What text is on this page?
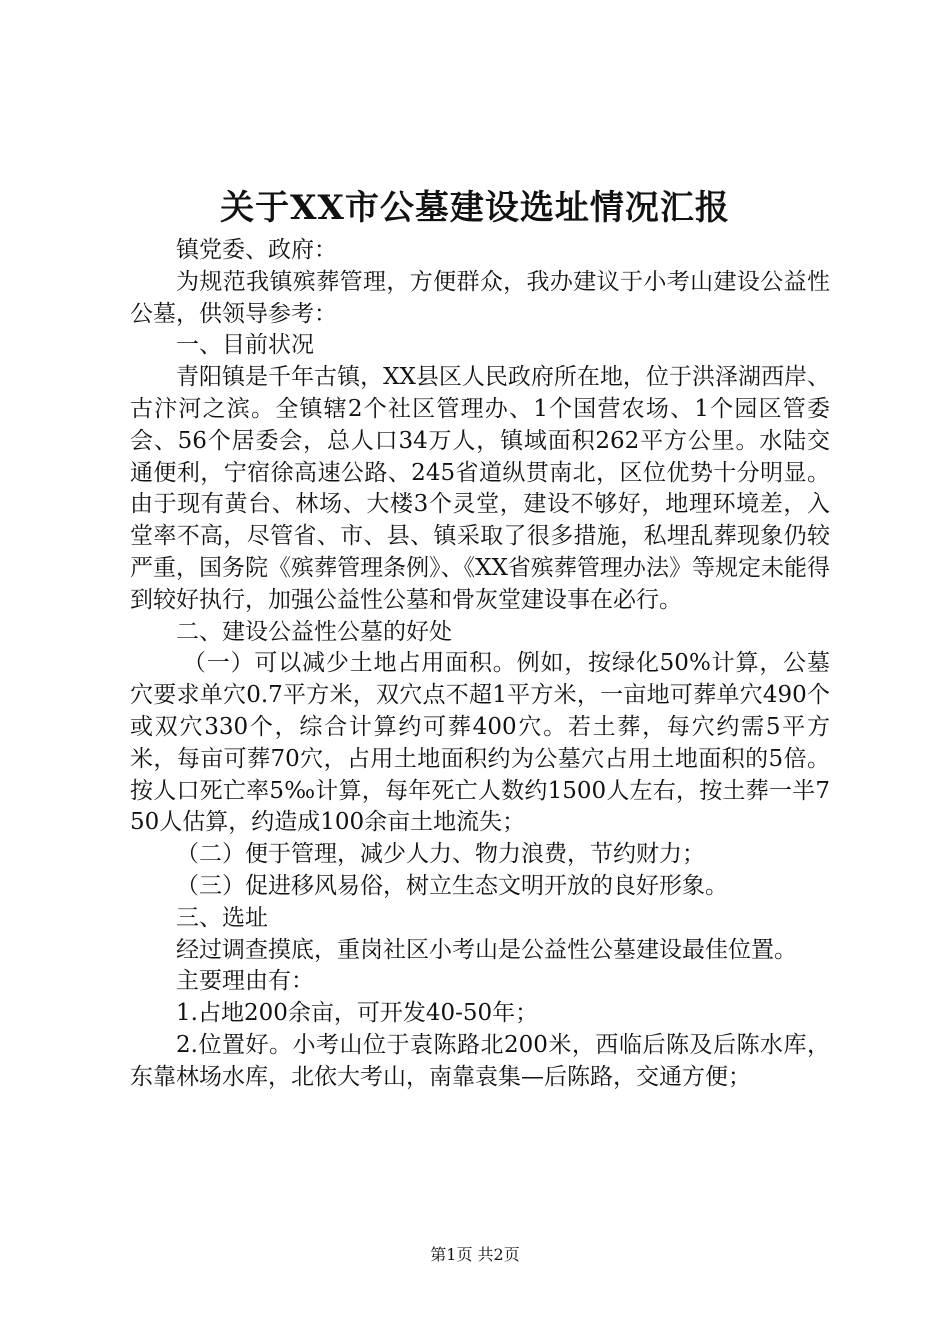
关于XX市公墓建设选址情况汇报

镇党委、政府：

为规范我镇殡葬管理，方便群众，我办建议于小考山建设公益性公墓，供领导参考：

一、目前状况

青阳镇是千年古镇，XX县区人民政府所在地，位于洪泽湖西岸、古汴河之滨。全镇辖2个社区管理办、1个国营农场、1个园区管委会、56个居委会，总人口34万人，镇域面积262平方公里。水陆交通便利，宁宿徐高速公路、245省道纵贯南北，区位优势十分明显。由于现有黄台、林场、大楼3个灵堂，建设不够好，地理环境差，入堂率不高，尽管省、市、县、镇采取了很多措施，私埋乱葬现象仍较严重，国务院《殡葬管理条例》、《XX省殡葬管理办法》等规定未能得到较好执行，加强公益性公墓和骨灰堂建设事在必行。

二、建设公益性公墓的好处

（一）可以减少土地占用面积。例如，按绿化50%计算，公墓穴要求单穴0.7平方米，双穴点不超1平方米，一亩地可葬单穴490个或双穴330个，综合计算约可葬400穴。若土葬，每穴约需5平方米，每亩可葬70穴，占用土地面积约为公墓穴占用土地面积的5倍。按人口死亡率5‰计算，每年死亡人数约1500人左右，按土葬一半750人估算，约造成100余亩土地流失；

（二）便于管理，减少人力、物力浪费，节约财力；

（三）促进移风易俗，树立生态文明开放的良好形象。

三、选址

经过调查摸底，重岗社区小考山是公益性公墓建设最佳位置。

主要理由有：

1.占地200余亩，可开发40-50年；

2.位置好。小考山位于袁陈路北200米，西临后陈及后陈水库，东靠林场水库，北依大考山，南靠袁集—后陈路，交通方便；

第1页 共2页
